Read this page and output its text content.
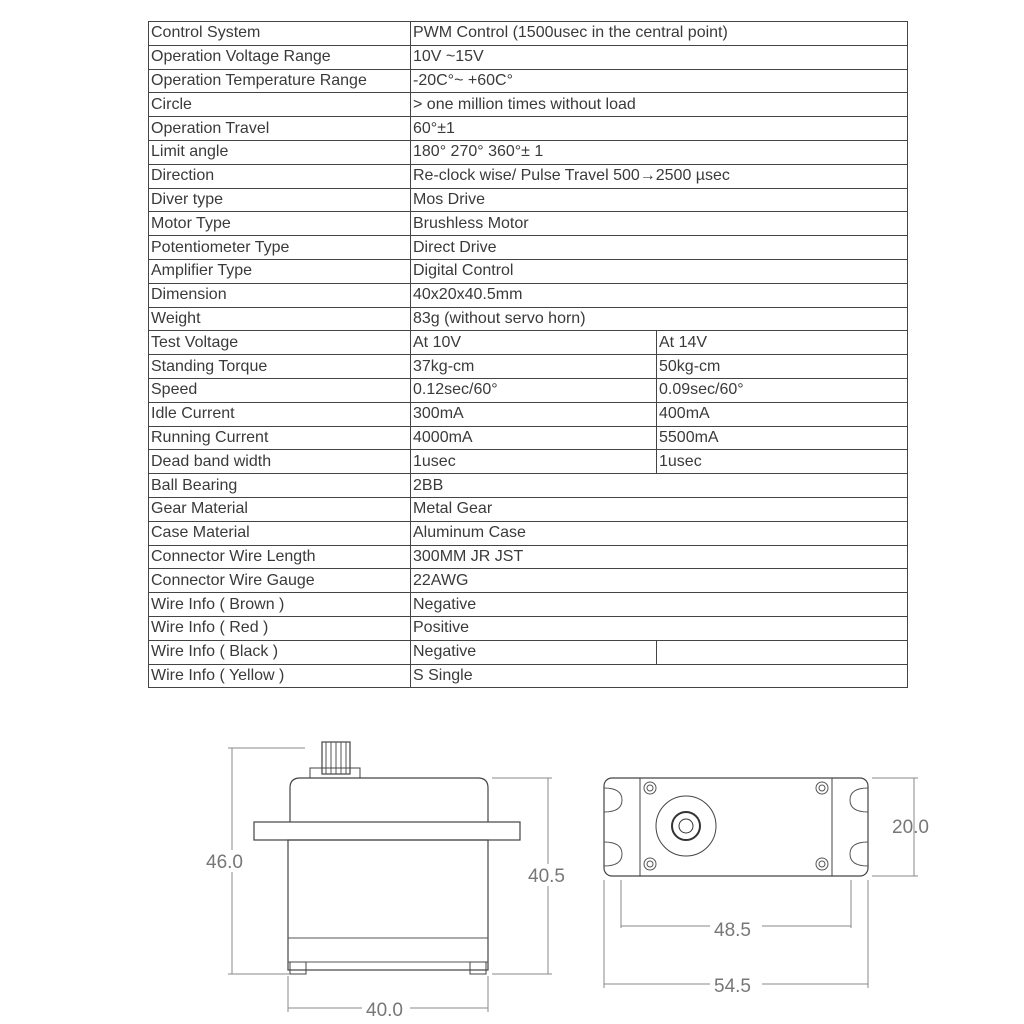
Control System	PWM Control (1500usec in the central point)	
Operation Voltage Range	10V ~15V	
Operation Temperature Range	-20C°~ +60C°	
Circle	> one million times without load	
Operation Travel	60°±1	
Limit angle	180° 270° 360°± 1	
Direction	Re-clock wise/ Pulse Travel 500→2500 µsec	
Diver type	Mos Drive	
Motor Type	Brushless Motor	
Potentiometer Type	Direct Drive	
Amplifier Type	Digital Control	
Dimension	40x20x40.5mm	
Weight	83g (without servo horn)	
Test Voltage	At 10V	At 14V
Standing Torque	37kg-cm	50kg-cm
Speed	0.12sec/60°	0.09sec/60°
Idle Current	300mA	400mA
Running Current	4000mA	5500mA
Dead band width	1usec	1usec
Ball Bearing	2BB	
Gear Material	Metal Gear	
Case Material	Aluminum Case	
Connector Wire Length	300MM JR JST	
Connector Wire Gauge	22AWG	
Wire Info ( Brown )	Negative	
Wire Info ( Red )	Positive	
Wire Info ( Black )	Negative	
Wire Info ( Yellow )	S Single	
46.0
40.5
40.0
20.0
48.5
54.5
